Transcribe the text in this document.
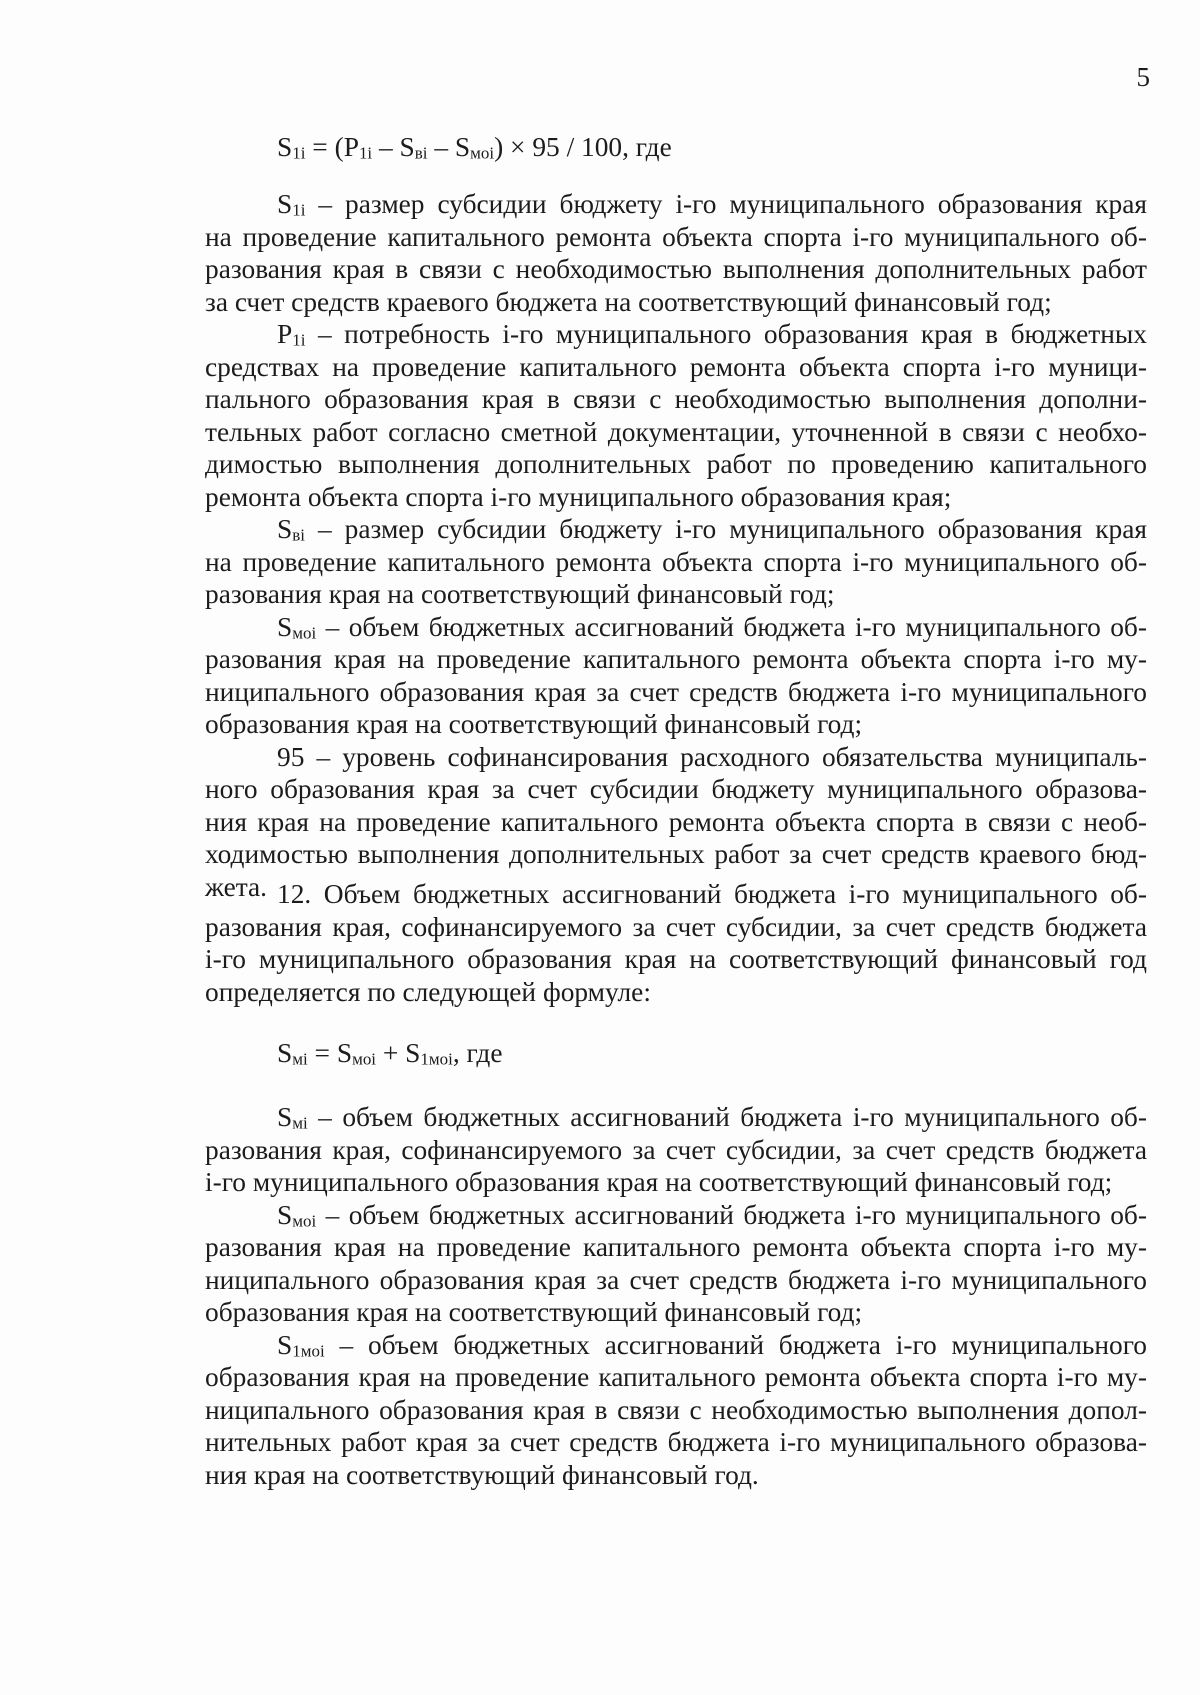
5
$S_{1i} = (P_{1i} - S_{вi} - S_{моi}) \times 95 / 100$, где
$S_{1i}$ – размер субсидии бюджету i-го муниципального образования края
на проведение капитального ремонта объекта спорта i-го муниципального об-
разования края в связи с необходимостью выполнения дополнительных работ
за счет средств краевого бюджета на соответствующий финансовый год;
$Р_{1i}$ – потребность i-го муниципального образования края в бюджетных
средствах на проведение капитального ремонта объекта спорта i-го муници-
пального образования края в связи с необходимостью выполнения дополни-
тельных работ согласно сметной документации, уточненной в связи с необхо-
димостью выполнения дополнительных работ по проведению капитального
ремонта объекта спорта i-го муниципального образования края;
$S_{вi}$ – размер субсидии бюджету i-го муниципального образования края
на проведение капитального ремонта объекта спорта i-го муниципального об-
разования края на соответствующий финансовый год;
$S_{моi}$ – объем бюджетных ассигнований бюджета i-го муниципального об-
разования края на проведение капитального ремонта объекта спорта i-го му-
ниципального образования края за счет средств бюджета i-го муниципального
образования края на соответствующий финансовый год;
95 – уровень софинансирования расходного обязательства муниципаль-
ного образования края за счет субсидии бюджету муниципального образова-
ния края на проведение капитального ремонта объекта спорта в связи с необ-
ходимостью выполнения дополнительных работ за счет средств краевого бюд-
жета. 12. Объем бюджетных ассигнований бюджета i-го муниципального об-
разования края, софинансируемого за счет субсидии, за счет средств бюджета
i-го муниципального образования края на соответствующий финансовый год
определяется по следующей формуле:
$S_{мi} = S_{моi} + S_{1моi}$, где
$S_{мi}$ – объем бюджетных ассигнований бюджета i-го муниципального об-
разования края, софинансируемого за счет субсидии, за счет средств бюджета
i-го муниципального образования края на соответствующий финансовый год;
$S_{моi}$ – объем бюджетных ассигнований бюджета i-го муниципального об-
разования края на проведение капитального ремонта объекта спорта i-го му-
ниципального образования края за счет средств бюджета i-го муниципального
образования края на соответствующий финансовый год;
$S_{1моi}$ – объем бюджетных ассигнований бюджета i-го муниципального
образования края на проведение капитального ремонта объекта спорта i-го му-
ниципального образования края в связи с необходимостью выполнения допол-
нительных работ края за счет средств бюджета i-го муниципального образова-
ния края на соответствующий финансовый год.
